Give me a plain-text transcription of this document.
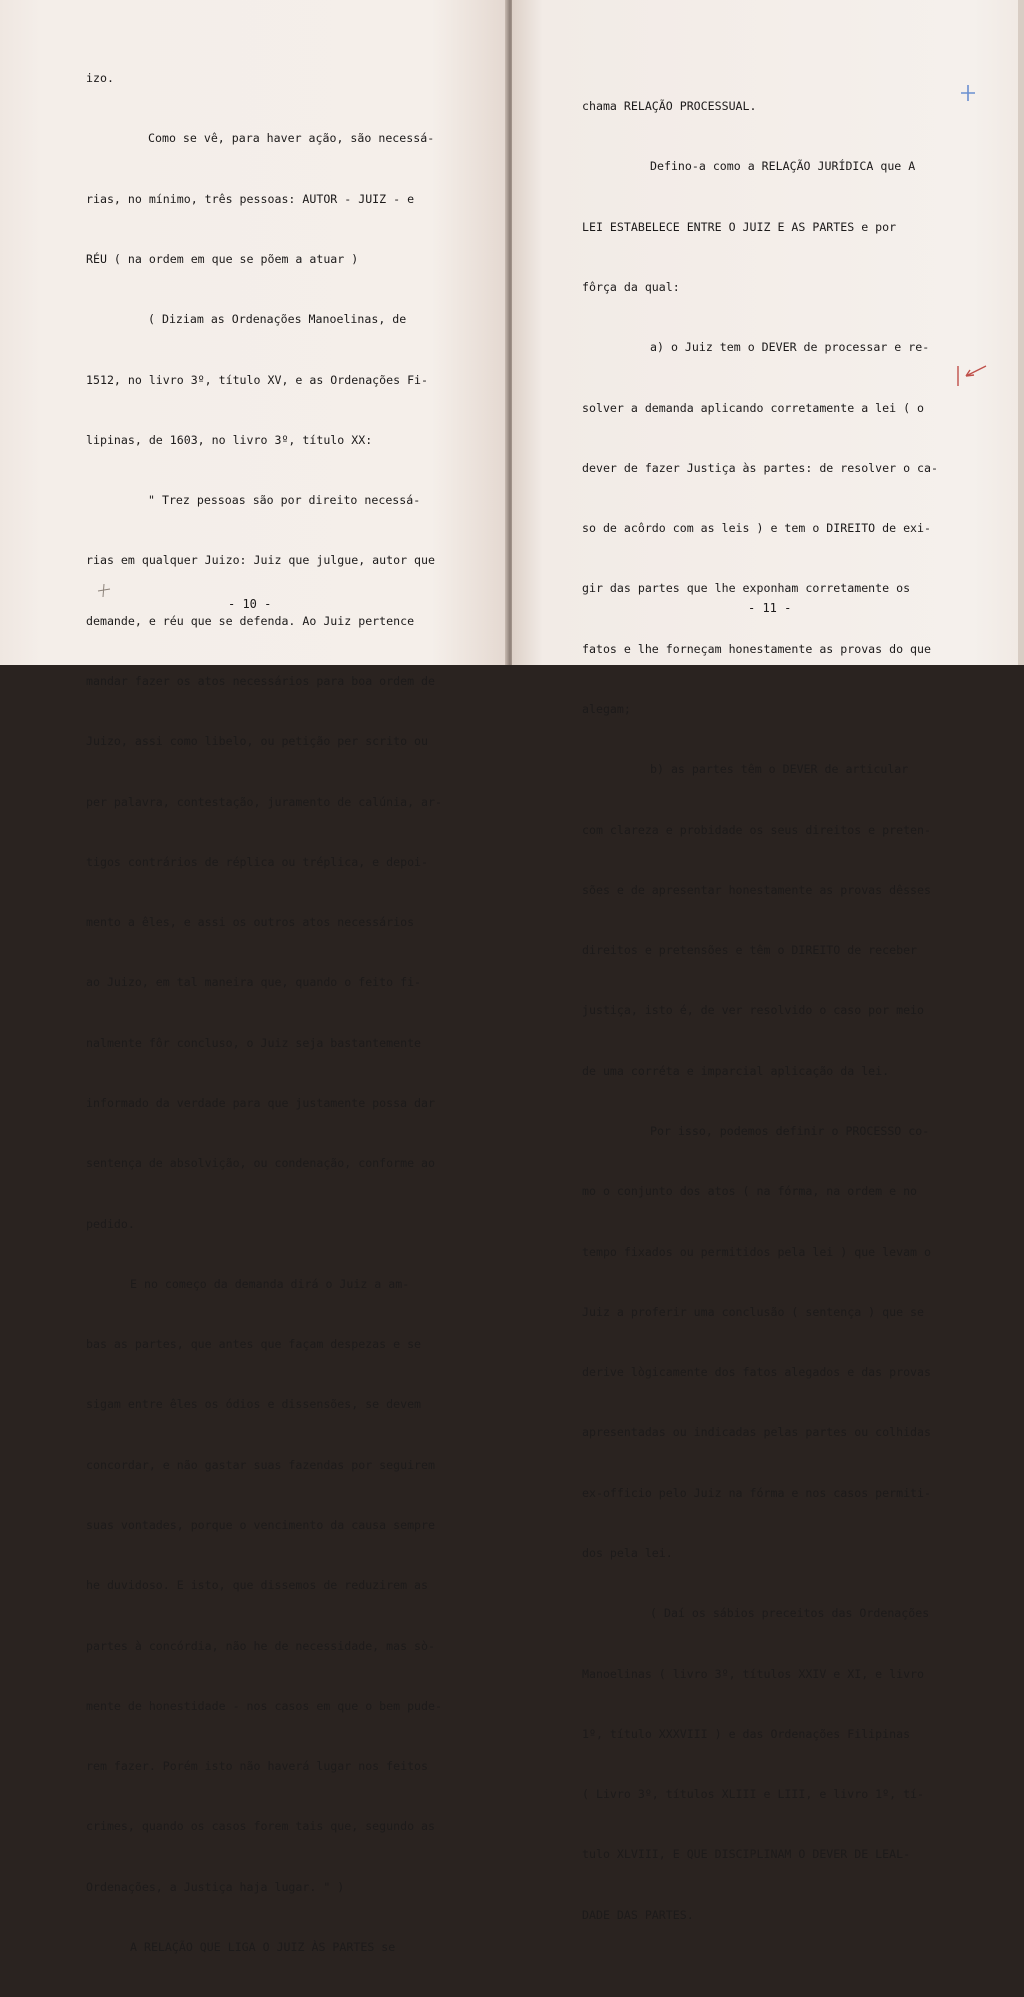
izo.

Como se vê, para haver ação, são necessá-

rias, no mínimo, três pessoas: AUTOR - JUIZ - e

RÉU ( na ordem em que se põem a atuar )

( Diziam as Ordenações Manoelinas, de

1512, no livro 3º, título XV, e as Ordenações Fi-

lipinas, de 1603, no livro 3º, título XX:

" Trez pessoas são por direito necessá-

rias em qualquer Juizo: Juiz que julgue, autor que

demande, e réu que se defenda. Ao Juiz pertence

mandar fazer os atos necessários para boa ordem de

Juizo, assi como libelo, ou petição per scrito ou

per palavra, contestação, juramento de calúnia, ar-

tigos contrários de réplica ou tréplica, e depoi-

mento a êles, e assi os outros atos necessários

ao Juizo, em tal maneira que, quando o feito fi-

nalmente fôr concluso, o Juiz seja bastantemente

informado da verdade para que justamente possa dar

sentença de absolvição, ou condenação, conforme ao

pedido.

E no começo da demanda dirá o Juiz a am-

bas as partes, que antes que façam despezas e se

sigam entre êles os ódios e dissensões, se devem

concordar, e não gastar suas fazendas por seguirem

suas vontades, porque o vencimento da causa sempre

he duvidoso. E isto, que dissemos de reduzirem as

partes à concórdia, não he de necessidade, mas sò-

mente de honestidade - nos casos em que o bem pude-

rem fazer. Porém isto não haverá lugar nos feitos

crimes, quando os casos forem tais que, segundo as

Ordenações, a Justiça haja lugar. " )

A RELAÇÃO QUE LIGA O JUIZ ÀS PARTES se

- 10 -

chama RELAÇÃO PROCESSUAL.

Defino-a como a RELAÇÃO JURÍDICA que A

LEI ESTABELECE ENTRE O JUIZ E AS PARTES e por

fôrça da qual:

a) o Juiz tem o DEVER de processar e re-

solver a demanda aplicando corretamente a lei ( o

dever de fazer Justiça às partes: de resolver o ca-

so de acôrdo com as leis ) e tem o DIREITO de exi-

gir das partes que lhe exponham corretamente os

fatos e lhe forneçam honestamente as provas do que

alegam;

b) as partes têm o DEVER de articular

com clareza e probidade os seus direitos e preten-

sões e de apresentar honestamente as provas dêsses

direitos e pretensões e têm o DIREITO de receber

justiça, isto é, de ver resolvido o caso por meio

de uma corréta e imparcial aplicação da lei.

Por isso, podemos definir o PROCESSO co-

mo o conjunto dos atos ( na fórma, na ordem e no

tempo fixados ou permitidos pela lei ) que levam o

Juiz a proferir uma conclusão ( sentença ) que se

derive lògicamente dos fatos alegados e das provas

apresentadas ou indicadas pelas partes ou colhidas

ex-officio pelo Juiz na fórma e nos casos permiti-

dos pela lei.

( Daí os sábios preceitos das Ordenações

Manoelinas ( livro 3º, títulos XXIV e XI, e livro

1º, título XXXVIII ) e das Ordenações Filipinas

( Livro 3º, títulos XLIII e LIII, e livro 1º, tí-

tulo XLVIII, E QUE DISCIPLINAM O DEVER DE LEAL-

DADE DAS PARTES.

- 11 -
